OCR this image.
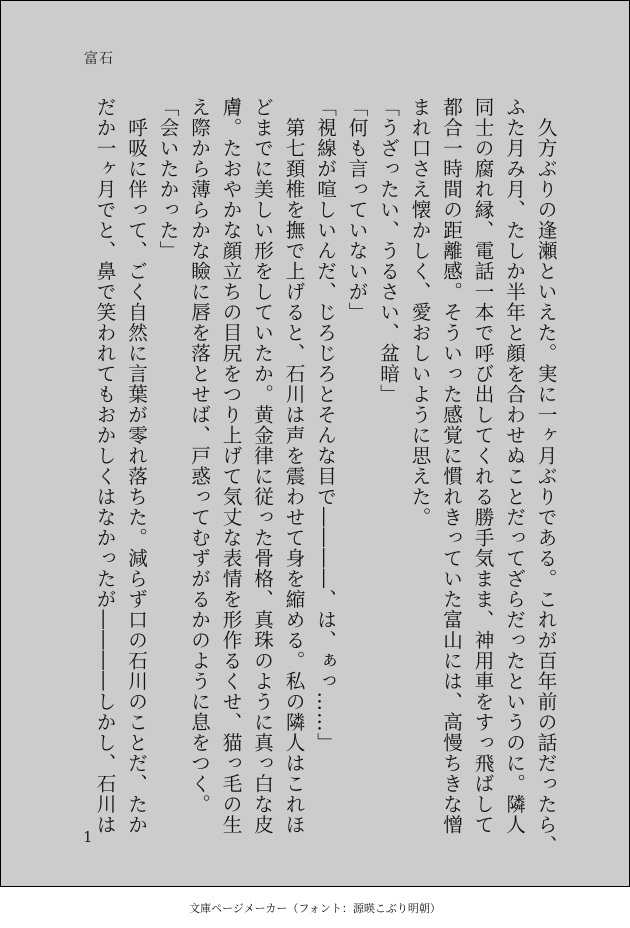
富石
　久方ぶりの逢瀬といえた。実に一ヶ月ぶりである。これが百年前の話だったら、
ふた月み月、たしか半年と顔を合わせぬことだってざらだったというのに。隣人
同士の腐れ縁、電話一本で呼び出してくれる勝手気まま、神用車をすっ飛ばして
都合一時間の距離感。そういった感覚に慣れきっていた富山には、高慢ちきな憎
まれ口さえ懐かしく、愛おしいように思えた。
「うざったい、うるさい、盆暗」
「何も言っていないが」
「視線が喧しいんだ、じろじろとそんな目で――――、は、ぁっ……」
　第七頚椎を撫で上げると、石川は声を震わせて身を縮める。私の隣人はこれほ
どまでに美しい形をしていたか。黄金律に従った骨格、真珠のように真っ白な皮
膚。たおやかな顔立ちの目尻をつり上げて気丈な表情を形作るくせ、猫っ毛の生
え際から薄らかな瞼に唇を落とせば、戸惑ってむずがるかのように息をつく。
「会いたかった」
　呼吸に伴って、ごく自然に言葉が零れ落ちた。減らず口の石川のことだ、たか
だか一ヶ月でと、鼻で笑われてもおかしくはなかったが――――しかし、石川は
1
文庫ページメーカー（フォント：源暎こぶり明朝）
